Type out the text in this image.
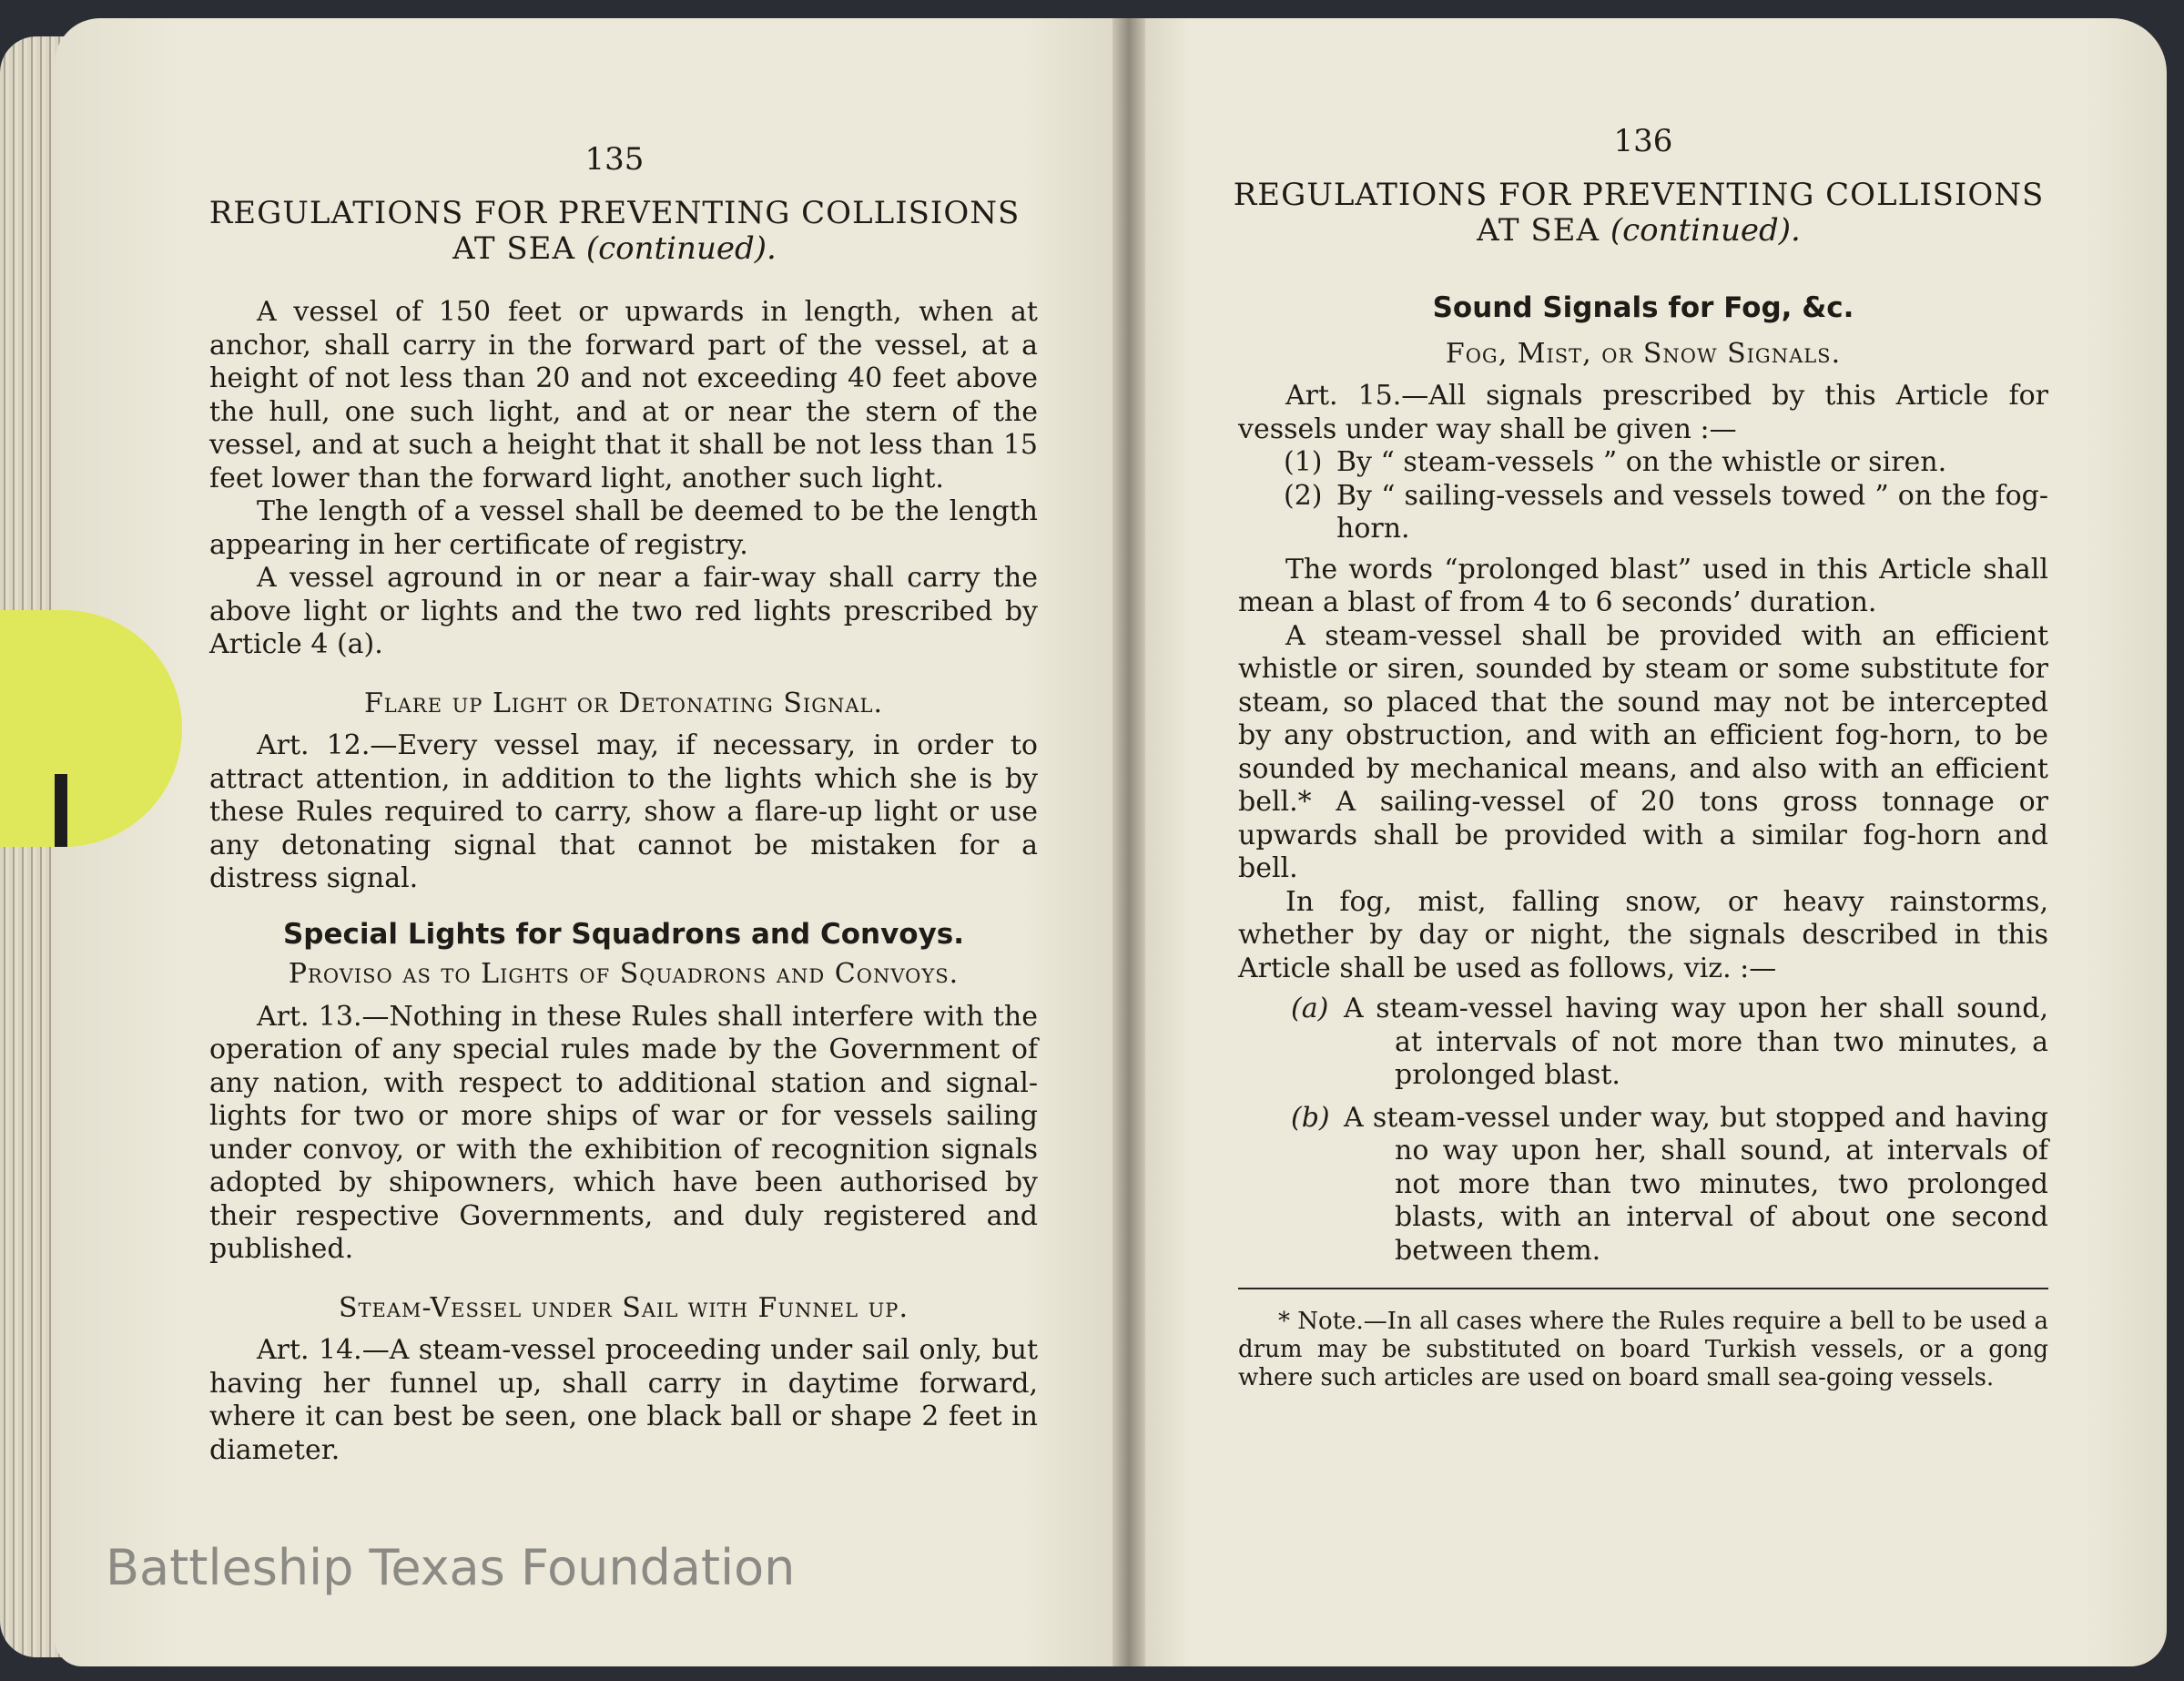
135
REGULATIONS FOR PREVENTING COLLISIONS
AT SEA (continued).

A vessel of 150 feet or upwards in length, when at anchor, shall carry in the forward part of the vessel, at a height of not less than 20 and not exceeding 40 feet above the hull, one such light, and at or near the stern of the vessel, and at such a height that it shall be not less than 15 feet lower than the forward light, another such light.

The length of a vessel shall be deemed to be the length appearing in her certificate of registry.

A vessel aground in or near a fair-way shall carry the above light or lights and the two red lights prescribed by Article 4 (a).

Flare up Light or Detonating Signal.

Art. 12.—Every vessel may, if necessary, in order to attract attention, in addition to the lights which she is by these Rules required to carry, show a flare-up light or use any detonating signal that cannot be mistaken for a distress signal.

Special Lights for Squadrons and Convoys.
Proviso as to Lights of Squadrons and Convoys.

Art. 13.—Nothing in these Rules shall interfere with the operation of any special rules made by the Government of any nation, with respect to additional station and signal-lights for two or more ships of war or for vessels sailing under convoy, or with the exhibition of recognition signals adopted by shipowners, which have been authorised by their respective Governments, and duly registered and published.

Steam-Vessel under Sail with Funnel up.

Art. 14.—A steam-vessel proceeding under sail only, but having her funnel up, shall carry in daytime forward, where it can best be seen, one black ball or shape 2 feet in diameter.

136
REGULATIONS FOR PREVENTING COLLISIONS
AT SEA (continued).
Sound Signals for Fog, &c.
Fog, Mist, or Snow Signals.

Art. 15.—All signals prescribed by this Article for vessels under way shall be given :—

(1) By “ steam-vessels ” on the whistle or siren.
(2) By “ sailing-vessels and vessels towed ” on the fog-horn.

The words “prolonged blast” used in this Article shall mean a blast of from 4 to 6 seconds’ duration.

A steam-vessel shall be provided with an efficient whistle or siren, sounded by steam or some substitute for steam, so placed that the sound may not be intercepted by any obstruction, and with an efficient fog-horn, to be sounded by mechanical means, and also with an efficient bell.* A sailing-vessel of 20 tons gross tonnage or upwards shall be provided with a similar fog-horn and bell.

In fog, mist, falling snow, or heavy rainstorms, whether by day or night, the signals described in this Article shall be used as follows, viz. :—

(a) A steam-vessel having way upon her shall sound, at intervals of not more than two minutes, a prolonged blast.
(b) A steam-vessel under way, but stopped and having no way upon her, shall sound, at intervals of not more than two minutes, two prolonged blasts, with an interval of about one second between them.
* Note.—In all cases where the Rules require a bell to be used a drum may be substituted on board Turkish vessels, or a gong where such articles are used on board small sea-going vessels.
Battleship Texas Foundation
